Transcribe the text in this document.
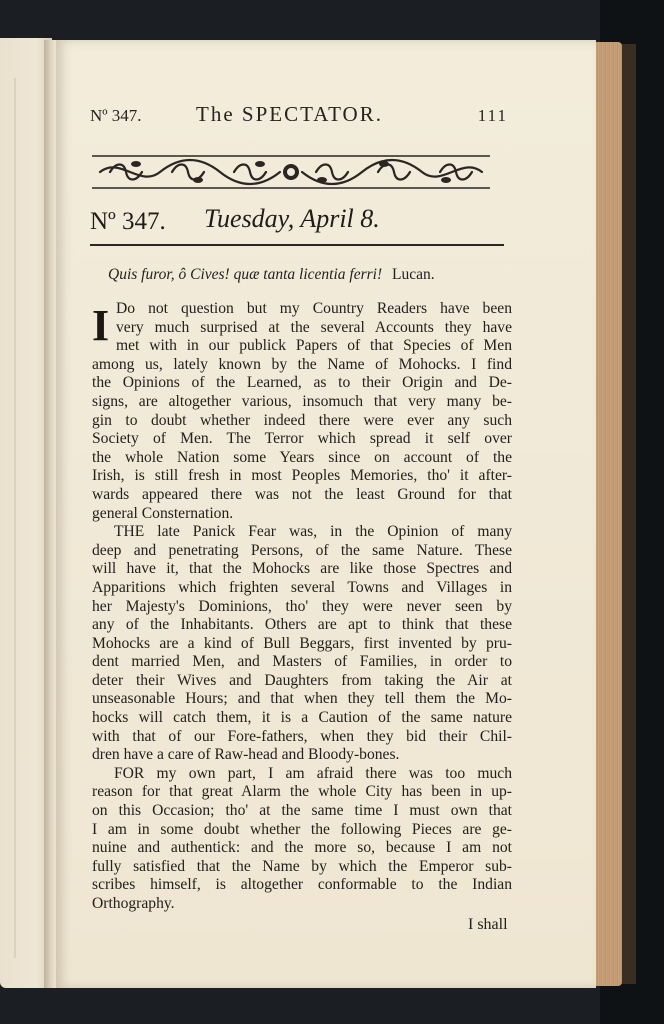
Nº 347.	The SPECTATOR.	111
Nº 347. Tuesday, April 8.
Quis furor, ô Cives! quæ tanta licentia ferri! Lucan.
I Do not question but my Country Readers have been
very much surprised at the several Accounts they have
met with in our publick Papers of that Species of Men
among us, lately known by the Name of Mohocks. I find
the Opinions of the Learned, as to their Origin and De-
signs, are altogether various, insomuch that very many be-
gin to doubt whether indeed there were ever any such
Society of Men. The Terror which spread it self over
the whole Nation some Years since on account of the
Irish, is still fresh in most Peoples Memories, tho' it after-
wards appeared there was not the least Ground for that
general Consternation.
THE late Panick Fear was, in the Opinion of many
deep and penetrating Persons, of the same Nature. These
will have it, that the Mohocks are like those Spectres and
Apparitions which frighten several Towns and Villages in
her Majesty's Dominions, tho' they were never seen by
any of the Inhabitants. Others are apt to think that these
Mohocks are a kind of Bull Beggars, first invented by pru-
dent married Men, and Masters of Families, in order to
deter their Wives and Daughters from taking the Air at
unseasonable Hours; and that when they tell them the Mo-
hocks will catch them, it is a Caution of the same nature
with that of our Fore-fathers, when they bid their Chil-
dren have a care of Raw-head and Bloody-bones.
FOR my own part, I am afraid there was too much
reason for that great Alarm the whole City has been in up-
on this Occasion; tho' at the same time I must own that
I am in some doubt whether the following Pieces are ge-
nuine and authentick: and the more so, because I am not
fully satisfied that the Name by which the Emperor sub-
scribes himself, is altogether conformable to the Indian
Orthography.
I shall
